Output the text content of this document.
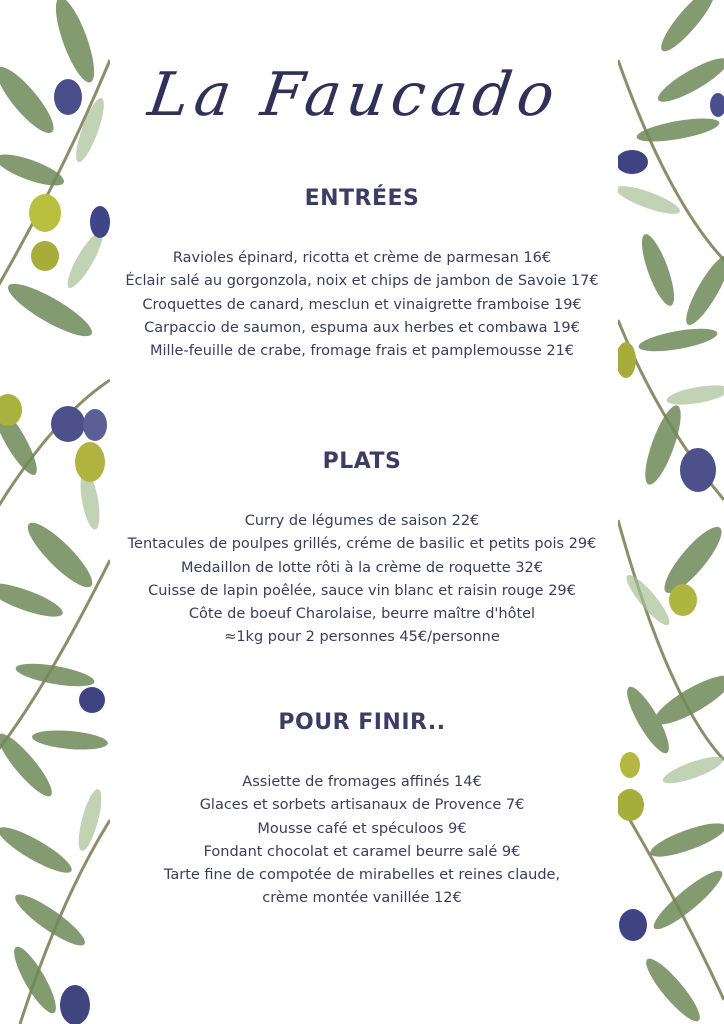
La Faucado
ENTRÉES
Ravioles épinard, ricotta et crème de parmesan 16€
Éclair salé au gorgonzola, noix et chips de jambon de Savoie 17€
Croquettes de canard, mesclun et vinaigrette framboise 19€
Carpaccio de saumon, espuma aux herbes et combawa 19€
Mille-feuille de crabe, fromage frais et pamplemousse 21€
PLATS
Curry de légumes de saison 22€
Tentacules de poulpes grillés, créme de basilic et petits pois 29€
Medaillon de lotte rôti à la crème de roquette 32€
Cuisse de lapin poêlée, sauce vin blanc et raisin rouge 29€
Côte de boeuf Charolaise, beurre maître d'hôtel
≈1kg pour 2 personnes 45€/personne
POUR FINIR..
Assiette de fromages affinés 14€
Glaces et sorbets artisanaux de Provence 7€
Mousse café et spéculoos 9€
Fondant chocolat et caramel beurre salé 9€
Tarte fine de compotée de mirabelles et reines claude,
crème montée vanillée 12€
